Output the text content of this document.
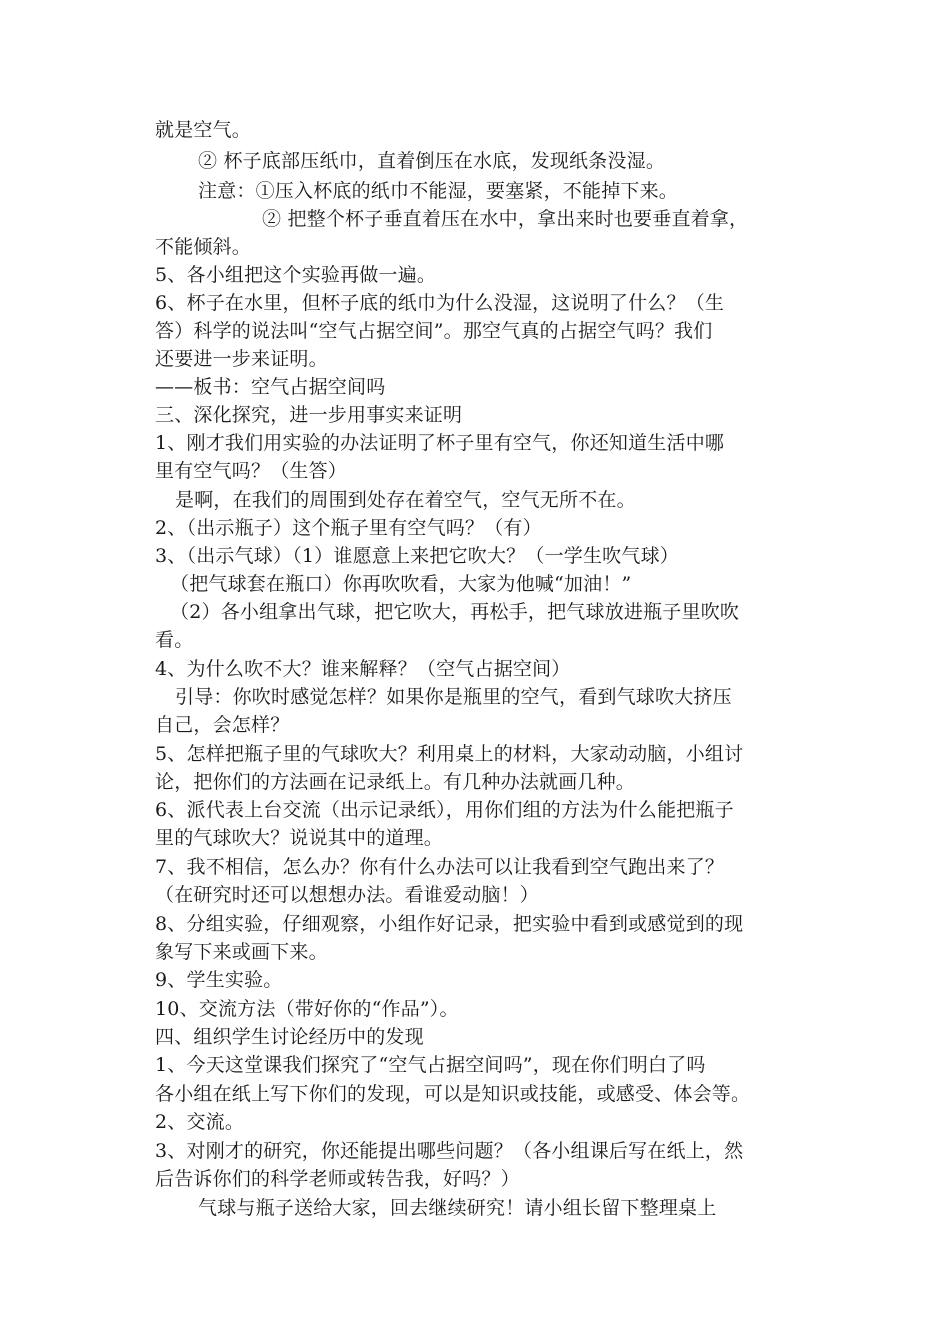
就是空气。
② 杯子底部压纸巾，直着倒压在水底，发现纸条没湿。
注意：①压入杯底的纸巾不能湿，要塞紧，不能掉下来。
② 把整个杯子垂直着压在水中，拿出来时也要垂直着拿，
不能倾斜。
5、各小组把这个实验再做一遍。
6、杯子在水里，但杯子底的纸巾为什么没湿，这说明了什么？（生
答）科学的说法叫“空气占据空间”。那空气真的占据空气吗？我们
还要进一步来证明。
——板书：空气占据空间吗
三、深化探究，进一步用事实来证明
1、刚才我们用实验的办法证明了杯子里有空气，你还知道生活中哪
里有空气吗？（生答）
是啊，在我们的周围到处存在着空气，空气无所不在。
2、（出示瓶子）这个瓶子里有空气吗？（有）
3、（出示气球）（1）谁愿意上来把它吹大？（一学生吹气球）
（把气球套在瓶口）你再吹吹看，大家为他喊“加油！”
（2）各小组拿出气球，把它吹大，再松手，把气球放进瓶子里吹吹
看。
4、为什么吹不大？谁来解释？（空气占据空间）
引导：你吹时感觉怎样？如果你是瓶里的空气，看到气球吹大挤压
自己，会怎样？
5、怎样把瓶子里的气球吹大？利用桌上的材料，大家动动脑，小组讨
论，把你们的方法画在记录纸上。有几种办法就画几种。
6、派代表上台交流（出示记录纸），用你们组的方法为什么能把瓶子
里的气球吹大？说说其中的道理。
7、我不相信，怎么办？你有什么办法可以让我看到空气跑出来了？
（在研究时还可以想想办法。看谁爱动脑！）
8、分组实验，仔细观察，小组作好记录，把实验中看到或感觉到的现
象写下来或画下来。
9、学生实验。
10、交流方法（带好你的“作品”）。
四、组织学生讨论经历中的发现
1、今天这堂课我们探究了“空气占据空间吗”，现在你们明白了吗
各小组在纸上写下你们的发现，可以是知识或技能，或感受、体会等。
2、交流。
3、对刚才的研究，你还能提出哪些问题？（各小组课后写在纸上，然
后告诉你们的科学老师或转告我，好吗？）
气球与瓶子送给大家，回去继续研究！请小组长留下整理桌上
